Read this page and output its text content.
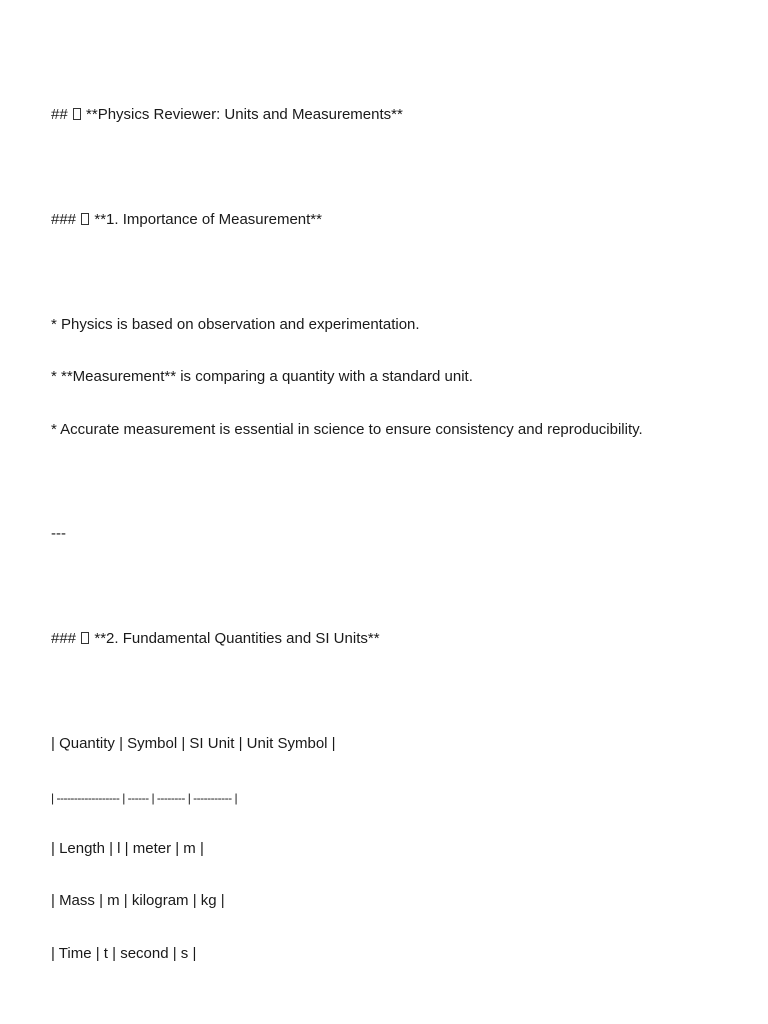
##  **Physics Reviewer: Units and Measurements**
###  **1. Importance of Measurement**
* Physics is based on observation and experimentation.
* **Measurement** is comparing a quantity with a standard unit.
* Accurate measurement is essential in science to ensure consistency and reproducibility.
---
###  **2. Fundamental Quantities and SI Units**
| Quantity | Symbol | SI Unit | Unit Symbol |
| ------------------ | ------ | -------- | ----------- |
| Length | l | meter | m |
| Mass | m | kilogram | kg |
| Time | t | second | s |
